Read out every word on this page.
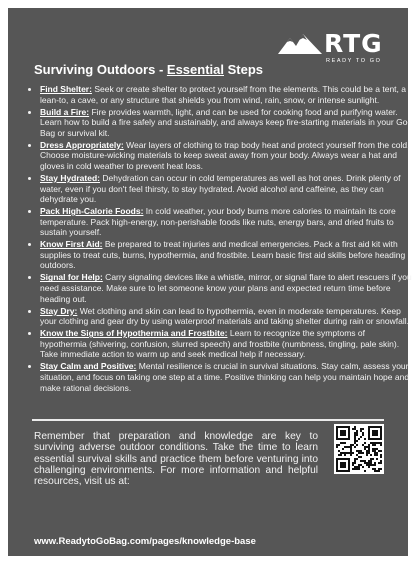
RTG
READY TO GO
Surviving Outdoors - Essential Steps
• Find Shelter: Seek or create shelter to protect yourself from the elements. This could be a tent, a lean-to, a cave, or any structure that shields you from wind, rain, snow, or intense sunlight.
• Build a Fire: Fire provides warmth, light, and can be used for cooking food and purifying water. Learn how to build a fire safely and sustainably, and always keep fire-starting materials in your Go-Bag or survival kit.
• Dress Appropriately: Wear layers of clothing to trap body heat and protect yourself from the cold. Choose moisture-wicking materials to keep sweat away from your body. Always wear a hat and gloves in cold weather to prevent heat loss.
• Stay Hydrated: Dehydration can occur in cold temperatures as well as hot ones. Drink plenty of water, even if you don't feel thirsty, to stay hydrated. Avoid alcohol and caffeine, as they can dehydrate you.
• Pack High-Calorie Foods: In cold weather, your body burns more calories to maintain its core temperature. Pack high-energy, non-perishable foods like nuts, energy bars, and dried fruits to sustain yourself.
• Know First Aid: Be prepared to treat injuries and medical emergencies. Pack a first aid kit with supplies to treat cuts, burns, hypothermia, and frostbite. Learn basic first aid skills before heading outdoors.
• Signal for Help: Carry signaling devices like a whistle, mirror, or signal flare to alert rescuers if you need assistance. Make sure to let someone know your plans and expected return time before heading out.
• Stay Dry: Wet clothing and skin can lead to hypothermia, even in moderate temperatures. Keep your clothing and gear dry by using waterproof materials and taking shelter during rain or snowfall.
• Know the Signs of Hypothermia and Frostbite: Learn to recognize the symptoms of hypothermia (shivering, confusion, slurred speech) and frostbite (numbness, tingling, pale skin). Take immediate action to warm up and seek medical help if necessary.
• Stay Calm and Positive: Mental resilience is crucial in survival situations. Stay calm, assess your situation, and focus on taking one step at a time. Positive thinking can help you maintain hope and make rational decisions.

Remember that preparation and knowledge are key to surviving adverse outdoor conditions. Take the time to learn essential survival skills and practice them before venturing into challenging environments. For more information and helpful resources, visit us at:

www.ReadytoGoBag.com/pages/knowledge-base
